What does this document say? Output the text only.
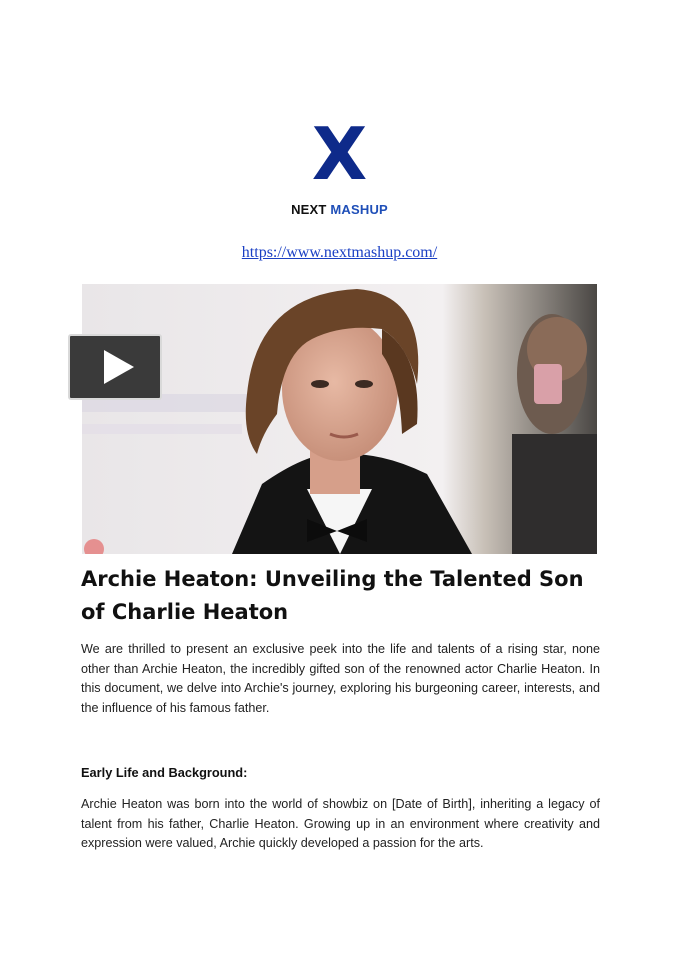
X
NEXT MASHUP
https://www.nextmashup.com/
Archie Heaton: Unveiling the Talented Son of Charlie Heaton

We are thrilled to present an exclusive peek into the life and talents of a rising star, none other than Archie Heaton, the incredibly gifted son of the renowned actor Charlie Heaton. In this document, we delve into Archie's journey, exploring his burgeoning career, interests, and the influence of his famous father.

Early Life and Background:

Archie Heaton was born into the world of showbiz on [Date of Birth], inheriting a legacy of talent from his father, Charlie Heaton. Growing up in an environment where creativity and expression were valued, Archie quickly developed a passion for the arts.
